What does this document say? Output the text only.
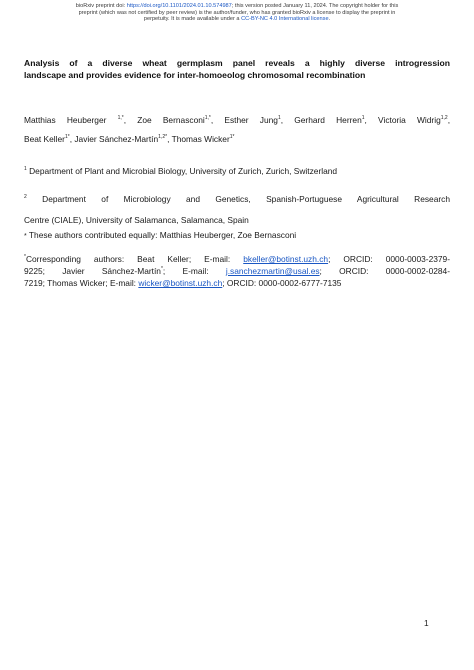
bioRxiv preprint doi: https://doi.org/10.1101/2024.01.10.574987; this version posted January 11, 2024. The copyright holder for this
preprint (which was not certified by peer review) is the author/funder, who has granted bioRxiv a license to display the preprint in
perpetuity. It is made available under a CC-BY-NC 4.0 International license.
Analysis of a diverse wheat germplasm panel reveals a highly diverse introgression
landscape and provides evidence for inter-homoeolog chromosomal recombination
Matthias Heuberger $^{1,*}$, Zoe Bernasconi$^{1,*}$, Esther Jung$^1$, Gerhard Herren$^1$, Victoria Widrig$^{1,2}$,
Beat Keller$^{1*}$, Javier Sánchez-Martín$^{1,2*}$, Thomas Wicker$^{1*}$
$^1$ Department of Plant and Microbial Biology, University of Zurich, Zurich, Switzerland
$^2$ Department of Microbiology and Genetics, Spanish-Portuguese Agricultural Research
Centre (CIALE), University of Salamanca, Salamanca, Spain
* These authors contributed equally: Matthias Heuberger, Zoe Bernasconi
*Corresponding authors: Beat Keller; E-mail: bkeller@botinst.uzh.ch; ORCID: 0000-0003-2379-
9225; Javier Sánchez-Martín*; E-mail: j.sanchezmartin@usal.es; ORCID: 0000-0002-0284-
7219; Thomas Wicker; E-mail: wicker@botinst.uzh.ch; ORCID: 0000-0002-6777-7135
1
